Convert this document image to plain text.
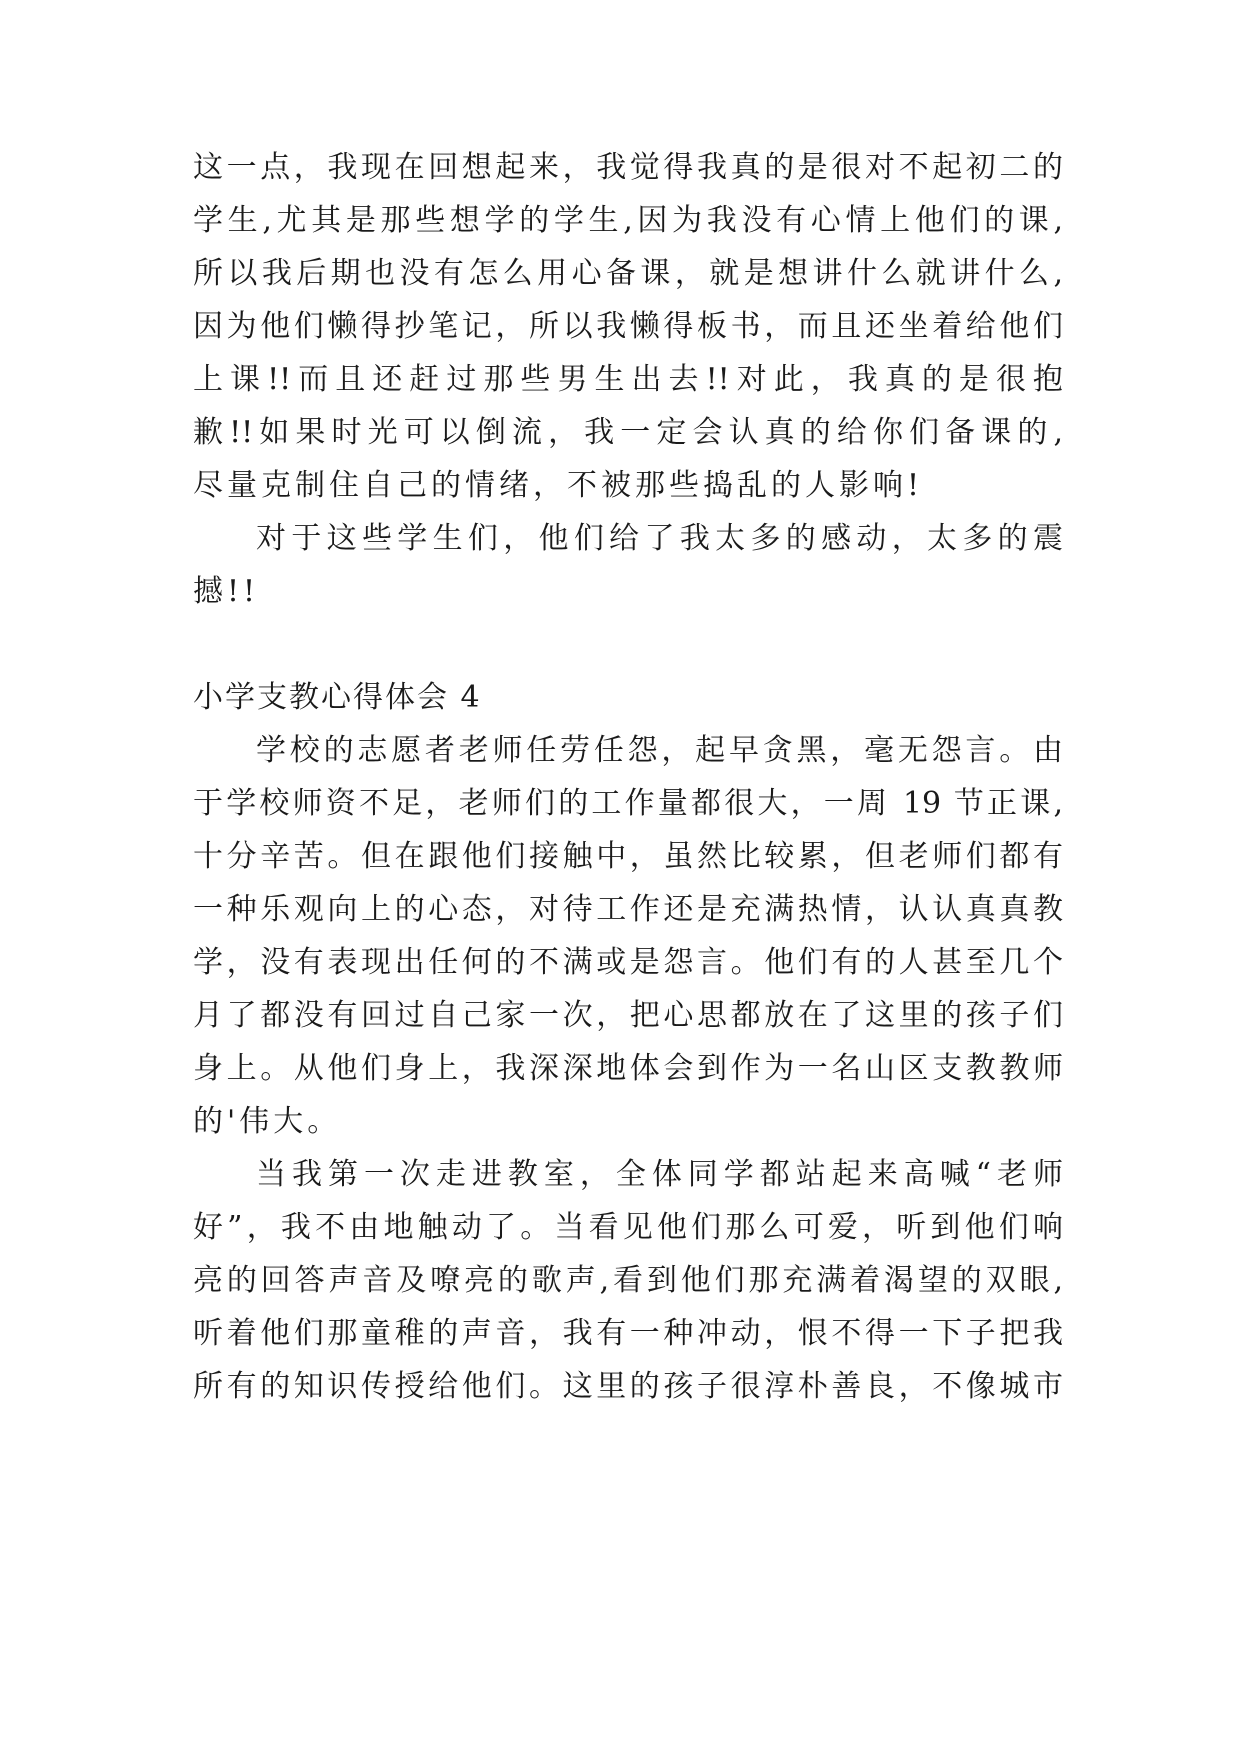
这一点，我现在回想起来，我觉得我真的是很对不起初二的
学生,尤其是那些想学的学生,因为我没有心情上他们的课,
所以我后期也没有怎么用心备课，就是想讲什么就讲什么,
因为他们懒得抄笔记，所以我懒得板书，而且还坐着给他们
上课!!而且还赶过那些男生出去!!对此，我真的是很抱
歉!!如果时光可以倒流，我一定会认真的给你们备课的,
尽量克制住自己的情绪，不被那些捣乱的人影响!
对于这些学生们，他们给了我太多的感动，太多的震
撼!!
小学支教心得体会 4
学校的志愿者老师任劳任怨，起早贪黑，毫无怨言。由
于学校师资不足，老师们的工作量都很大，一周 19 节正课,
十分辛苦。但在跟他们接触中，虽然比较累，但老师们都有
一种乐观向上的心态，对待工作还是充满热情，认认真真教
学，没有表现出任何的不满或是怨言。他们有的人甚至几个
月了都没有回过自己家一次，把心思都放在了这里的孩子们
身上。从他们身上，我深深地体会到作为一名山区支教教师
的'伟大。
当我第一次走进教室，全体同学都站起来高喊“老师
好”，我不由地触动了。当看见他们那么可爱，听到他们响
亮的回答声音及嘹亮的歌声,看到他们那充满着渴望的双眼,
听着他们那童稚的声音，我有一种冲动，恨不得一下子把我
所有的知识传授给他们。这里的孩子很淳朴善良，不像城市
